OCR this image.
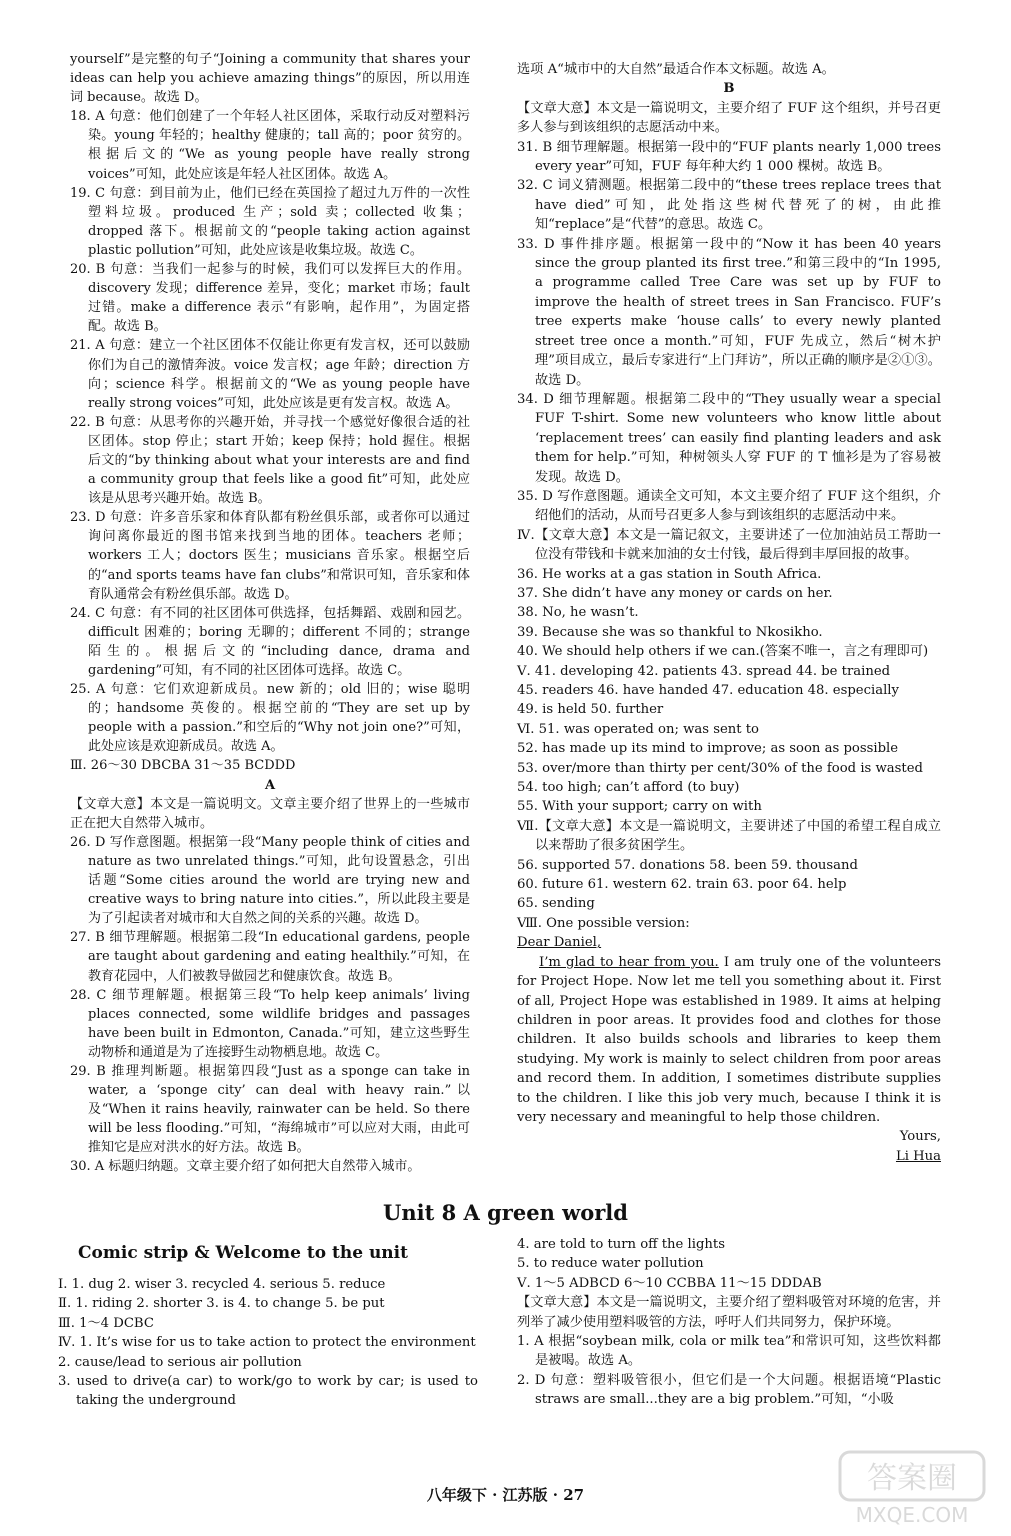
yourself”是完整的句子“Joining a community that shares your ideas can help you achieve amazing things”的原因，所以用连词 because。故选 D。

18. A 句意：他们创建了一个年轻人社区团体，采取行动反对塑料污染。young 年轻的；healthy 健康的；tall 高的；poor 贫穷的。根据后文的“We as young people have really strong voices”可知，此处应该是年轻人社区团体。故选 A。

19. C 句意：到目前为止，他们已经在英国捡了超过九万件的一次性塑料垃圾。produced 生产；sold 卖；collected 收集；dropped 落下。根据前文的“people taking action against plastic pollution”可知，此处应该是收集垃圾。故选 C。

20. B 句意：当我们一起参与的时候，我们可以发挥巨大的作用。discovery 发现；difference 差异，变化；market 市场；fault 过错。make a difference 表示“有影响，起作用”，为固定搭配。故选 B。

21. A 句意：建立一个社区团体不仅能让你更有发言权，还可以鼓励你们为自己的激情奔波。voice 发言权；age 年龄；direction 方向；science 科学。根据前文的“We as young people have really strong voices”可知，此处应该是更有发言权。故选 A。

22. B 句意：从思考你的兴趣开始，并寻找一个感觉好像很合适的社区团体。stop 停止；start 开始；keep 保持；hold 握住。根据后文的“by thinking about what your interests are and find a community group that feels like a good fit”可知，此处应该是从思考兴趣开始。故选 B。

23. D 句意：许多音乐家和体育队都有粉丝俱乐部，或者你可以通过询问离你最近的图书馆来找到当地的团体。teachers 老师；workers 工人；doctors 医生；musicians 音乐家。根据空后的“and sports teams have fan clubs”和常识可知，音乐家和体育队通常会有粉丝俱乐部。故选 D。

24. C 句意：有不同的社区团体可供选择，包括舞蹈、戏剧和园艺。difficult 困难的；boring 无聊的；different 不同的；strange 陌生的。根据后文的“including dance, drama and gardening”可知，有不同的社区团体可选择。故选 C。

25. A 句意：它们欢迎新成员。new 新的；old 旧的；wise 聪明的；handsome 英俊的。根据空前的“They are set up by people with a passion.”和空后的“Why not join one?”可知，此处应该是欢迎新成员。故选 A。

Ⅲ. 26～30 DBCBA 31～35 BCDDD

A

【文章大意】本文是一篇说明文。文章主要介绍了世界上的一些城市正在把大自然带入城市。

26. D 写作意图题。根据第一段“Many people think of cities and nature as two unrelated things.”可知，此句设置悬念，引出话题“Some cities around the world are trying new and creative ways to bring nature into cities.”，所以此段主要是为了引起读者对城市和大自然之间的关系的兴趣。故选 D。

27. B 细节理解题。根据第二段“In educational gardens, people are taught about gardening and eating healthily.”可知，在教育花园中，人们被教导做园艺和健康饮食。故选 B。

28. C 细节理解题。根据第三段“To help keep animals’ living places connected, some wildlife bridges and passages have been built in Edmonton, Canada.”可知，建立这些野生动物桥和通道是为了连接野生动物栖息地。故选 C。

29. B 推理判断题。根据第四段“Just as a sponge can take in water, a ‘sponge city’ can deal with heavy rain.”以及“When it rains heavily, rainwater can be held. So there will be less flooding.”可知，“海绵城市”可以应对大雨，由此可推知它是应对洪水的好方法。故选 B。

30. A 标题归纳题。文章主要介绍了如何把大自然带入城市。

选项 A“城市中的大自然”最适合作本文标题。故选 A。

B

【文章大意】本文是一篇说明文，主要介绍了 FUF 这个组织，并号召更多人参与到该组织的志愿活动中来。

31. B 细节理解题。根据第一段中的“FUF plants nearly 1,000 trees every year”可知，FUF 每年种大约 1 000 棵树。故选 B。

32. C 词义猜测题。根据第二段中的“these trees replace trees that have died”可知，此处指这些树代替死了的树，由此推知“replace”是“代替”的意思。故选 C。

33. D 事件排序题。根据第一段中的“Now it has been 40 years since the group planted its first tree.”和第三段中的“In 1995, a programme called Tree Care was set up by FUF to improve the health of street trees in San Francisco. FUF’s tree experts make ‘house calls’ to every newly planted street tree once a month.”可知，FUF 先成立，然后“树木护理”项目成立，最后专家进行“上门拜访”，所以正确的顺序是②①③。故选 D。

34. D 细节理解题。根据第二段中的“They usually wear a special FUF T-shirt. Some new volunteers who know little about ‘replacement trees’ can easily find planting leaders and ask them for help.”可知，种树领头人穿 FUF 的 T 恤衫是为了容易被发现。故选 D。

35. D 写作意图题。通读全文可知，本文主要介绍了 FUF 这个组织，介绍他们的活动，从而号召更多人参与到该组织的志愿活动中来。

Ⅳ.【文章大意】本文是一篇记叙文，主要讲述了一位加油站员工帮助一位没有带钱和卡就来加油的女士付钱，最后得到丰厚回报的故事。

36. He works at a gas station in South Africa.

37. She didn’t have any money or cards on her.

38. No, he wasn’t.

39. Because she was so thankful to Nkosikho.

40. We should help others if we can.(答案不唯一，言之有理即可)

Ⅴ. 41. developing 42. patients 43. spread 44. be trained

45. readers 46. have handed 47. education 48. especially

49. is held 50. further

Ⅵ. 51. was operated on; was sent to

52. has made up its mind to improve; as soon as possible

53. over/more than thirty per cent/30% of the food is wasted

54. too high; can’t afford (to buy)

55. With your support; carry on with

Ⅶ.【文章大意】本文是一篇说明文，主要讲述了中国的希望工程自成立以来帮助了很多贫困学生。

56. supported 57. donations 58. been 59. thousand

60. future 61. western 62. train 63. poor 64. help

65. sending

Ⅷ. One possible version:

Dear Daniel,

I’m glad to hear from you. I am truly one of the volunteers for Project Hope. Now let me tell you something about it. First of all, Project Hope was established in 1989. It aims at helping children in poor areas. It provides food and clothes for those children. It also builds schools and libraries to keep them studying. My work is mainly to select children from poor areas and record them. In addition, I sometimes distribute supplies to the children. I like this job very much, because I think it is very necessary and meaningful to help those children.

Yours,

Li Hua

Unit 8 A green world
Comic strip & Welcome to the unit

Ⅰ. 1. dug 2. wiser 3. recycled 4. serious 5. reduce

Ⅱ. 1. riding 2. shorter 3. is 4. to change 5. be put

Ⅲ. 1～4 DCBC

Ⅳ. 1. It’s wise for us to take action to protect the environment

2. cause/lead to serious air pollution

3. used to drive(a car) to work/go to work by car; is used to taking the underground

4. are told to turn off the lights

5. to reduce water pollution

Ⅴ. 1～5 ADBCD 6～10 CCBBA 11～15 DDDAB

【文章大意】本文是一篇说明文，主要介绍了塑料吸管对环境的危害，并列举了减少使用塑料吸管的方法，呼吁人们共同努力，保护环境。

1. A 根据“soybean milk, cola or milk tea”和常识可知，这些饮料都是被喝。故选 A。

2. D 句意：塑料吸管很小，但它们是一个大问题。根据语境“Plastic straws are small...they are a big problem.”可知，“小吸

八年级下 · 江苏版 · 27	答案圈
MXQE.COM
